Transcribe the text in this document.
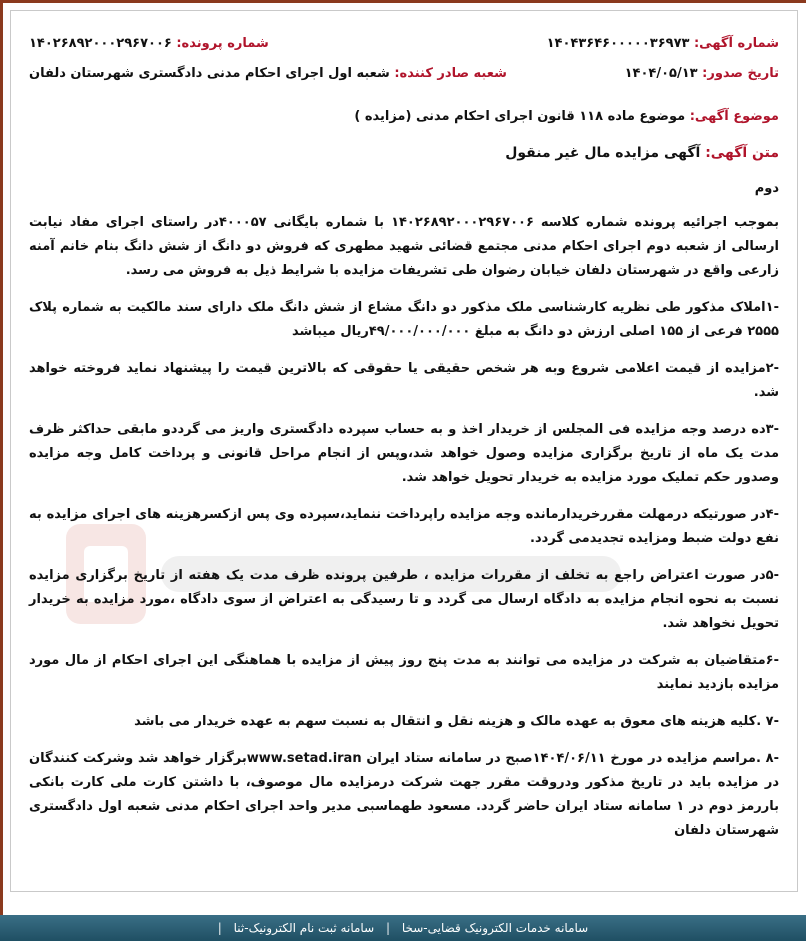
شماره آگهی: ۱۴۰۴۳۶۴۶۰۰۰۰۰۳۶۹۷۳
شماره پرونده: ۱۴۰۲۶۸۹۲۰۰۰۲۹۶۷۰۰۶
تاریخ صدور: ۱۴۰۴/۰۵/۱۳
شعبه صادر کننده: شعبه اول اجرای احکام مدنی دادگستری شهرستان دلفان
موضوع آگهی: موضوع ماده ۱۱۸ قانون اجرای احکام مدنی (مزایده )
متن آگهی: آگهی مزایده مال غیر منقول
دوم

بموجب اجرائیه پرونده شماره کلاسه ۱۴۰۲۶۸۹۲۰۰۰۲۹۶۷۰۰۶ با شماره بایگانی ۴۰۰۰۵۷در راستای اجرای مفاد نیابت ارسالی از شعبه دوم اجرای احکام مدنی مجتمع قضائی شهید مطهری که فروش دو دانگ از شش دانگ بنام خانم آمنه زارعی واقع در شهرستان دلفان خیابان رضوان طی تشریفات مزایده با شرایط ذیل به فروش می رسد.

-۱املاک مذکور طی نظریه کارشناسی ملک مذکور دو دانگ مشاع از شش دانگ ملک دارای سند مالکیت به شماره پلاک ۲۵۵۵ فرعی از ۱۵۵ اصلی ارزش دو دانگ به مبلغ ۴۹/۰۰۰/۰۰۰/۰۰۰ریال میباشد

-۲مزایده از قیمت اعلامی شروع وبه هر شخص حقیقی یا حقوقی که بالاترین قیمت را پیشنهاد نماید فروخته خواهد شد.

-۳ده درصد وجه مزایده فی المجلس از خریدار اخذ و به حساب سپرده دادگستری واریز می گرددو مابقی حداکثر ظرف مدت یک ماه از تاریخ برگزاری مزایده وصول خواهد شد،وپس از انجام مراحل قانونی و پرداخت کامل وجه مزایده وصدور حکم تملیک مورد مزایده به خریدار تحویل خواهد شد.

-۴در صورتیکه درمهلت مقررخریدارمانده وجه مزایده راپرداخت ننماید،سپرده وی پس ازکسرهزینه های اجرای مزایده به نفع دولت ضبط ومزایده تجدیدمی گردد.

-۵در صورت اعتراض راجع به تخلف از مقررات مزایده ، طرفین پرونده ظرف مدت یک هفته از تاریخ برگزاری مزایده نسبت به نحوه انجام مزایده به دادگاه ارسال می گردد و تا رسیدگی به اعتراض از سوی دادگاه ،مورد مزایده به خریدار تحویل نخواهد شد.

-۶متقاضیان به شرکت در مزایده می توانند به مدت پنج روز پیش از مزایده با هماهنگی این اجرای احکام از مال مورد مزایده بازدید نمایند

-۷ .کلیه هزینه های معوق به عهده مالک و هزینه نقل و انتقال به نسبت سهم به عهده خریدار می باشد

-۸ .مراسم مزایده در مورخ ۱۴۰۴/۰۶/۱۱صبح در سامانه ستاد ایران www.setad.iranبرگزار خواهد شد وشرکت کنندگان در مزایده باید در تاریخ مذکور ودروقت مقرر جهت شرکت درمزایده مال موصوف، با داشتن کارت ملی کارت بانکی باررمز دوم در ۱ سامانه ستاد ایران حاضر گردد. مسعود طهماسبی مدیر واحد اجرای احکام مدنی شعبه اول دادگستری شهرستان دلفان

سامانه خدمات الکترونیک قضایی-سخا | سامانه ثبت نام الکترونیک-ثنا |
